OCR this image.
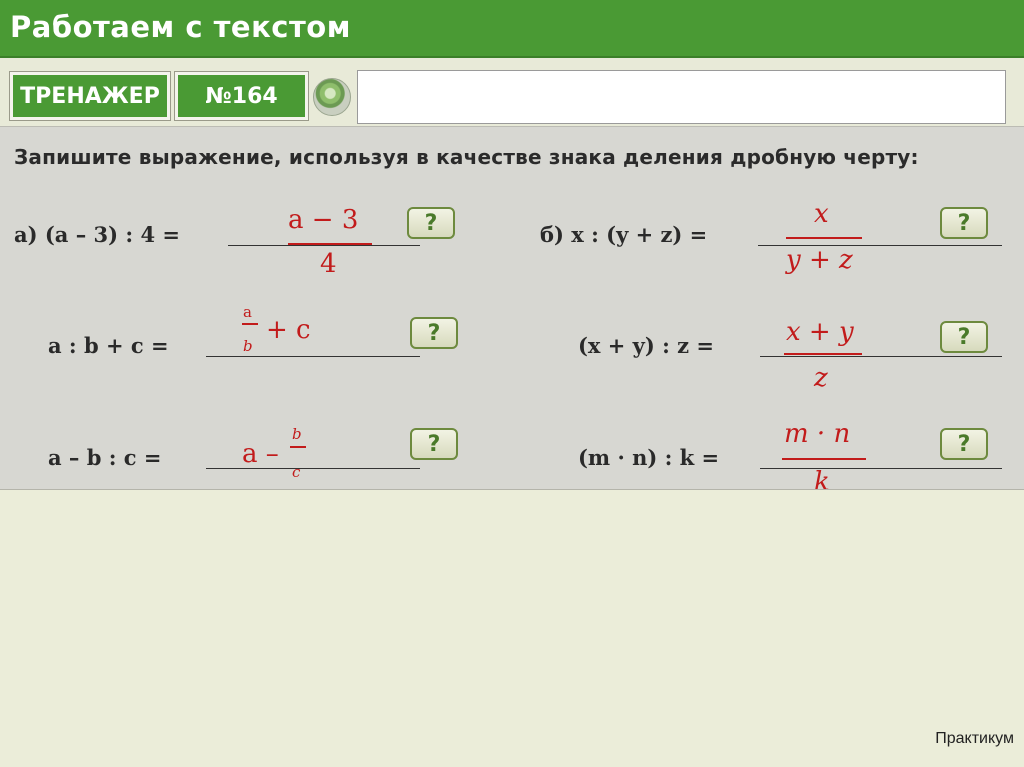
Работаем с текстом
ТРЕНАЖЕР	№164
Запишите выражение, используя в качестве знака деления дробную черту:
а) (a – 3) : 4 =	a − 3
4
?	б) x : (y + z) =
x
y + z
?
a : b + c =
a
b
+ c	?	(x + y) : z =	x + y
z
?
a – b : c =	a –
b
c
?
(m · n) : k =
m · n
k
?
Практикум
